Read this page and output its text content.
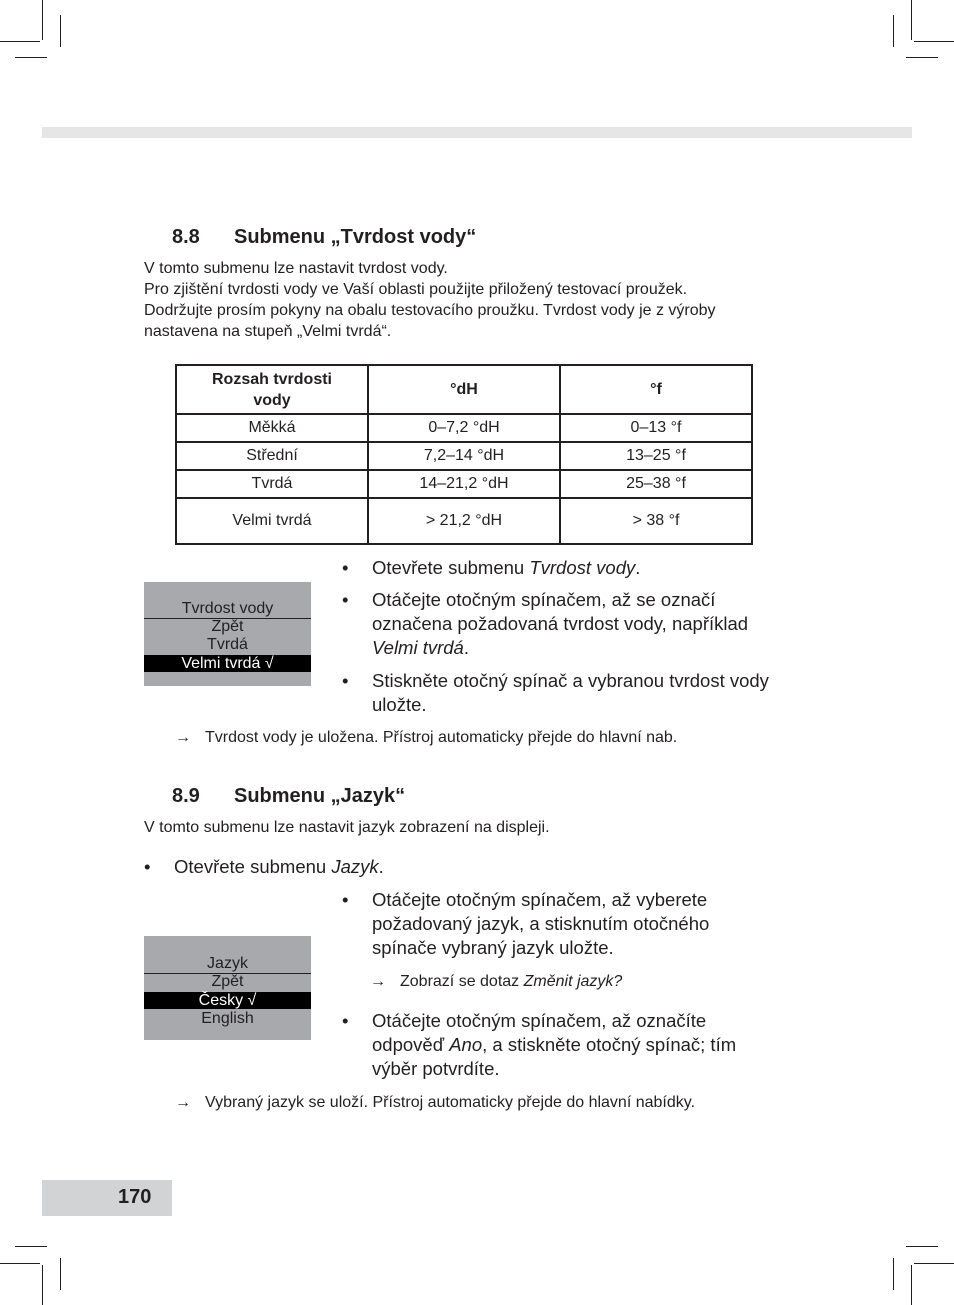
8.8 Submenu „Tvrdost vody“
V tomto submenu lze nastavit tvrdost vody.
Pro zjištění tvrdosti vody ve Vaší oblasti použijte přiložený testovací proužek.
Dodržujte prosím pokyny na obalu testovacího proužku. Tvrdost vody je z výroby
nastavena na stupeň „Velmi tvrdá“.
Rozsah tvrdosti
vody	°dH	°f
Měkká	0–7,2 °dH	0–13 °f
Střední	7,2–14 °dH	13–25 °f
Tvrdá	14–21,2 °dH	25–38 °f
Velmi tvrdá	> 21,2 °dH	> 38 °f
Tvrdost vody
Zpět
Tvrdá
Velmi tvrdá √
• Otevřete submenu Tvrdost vody.
• Otáčejte otočným spínačem, až se označí
označena požadovaná tvrdost vody, například
Velmi tvrdá.
• Stiskněte otočný spínač a vybranou tvrdost vody
uložte.
→ Tvrdost vody je uložena. Přístroj automaticky přejde do hlavní nab.
8.9 Submenu „Jazyk“
V tomto submenu lze nastavit jazyk zobrazení na displeji.
• Otevřete submenu Jazyk.
Jazyk
Zpět
Česky √
English
• Otáčejte otočným spínačem, až vyberete
požadovaný jazyk, a stisknutím otočného
spínače vybraný jazyk uložte.
→ Zobrazí se dotaz Změnit jazyk?
• Otáčejte otočným spínačem, až označíte
odpověď Ano, a stiskněte otočný spínač; tím
výběr potvrdíte.
→ Vybraný jazyk se uloží. Přístroj automaticky přejde do hlavní nabídky.
170
